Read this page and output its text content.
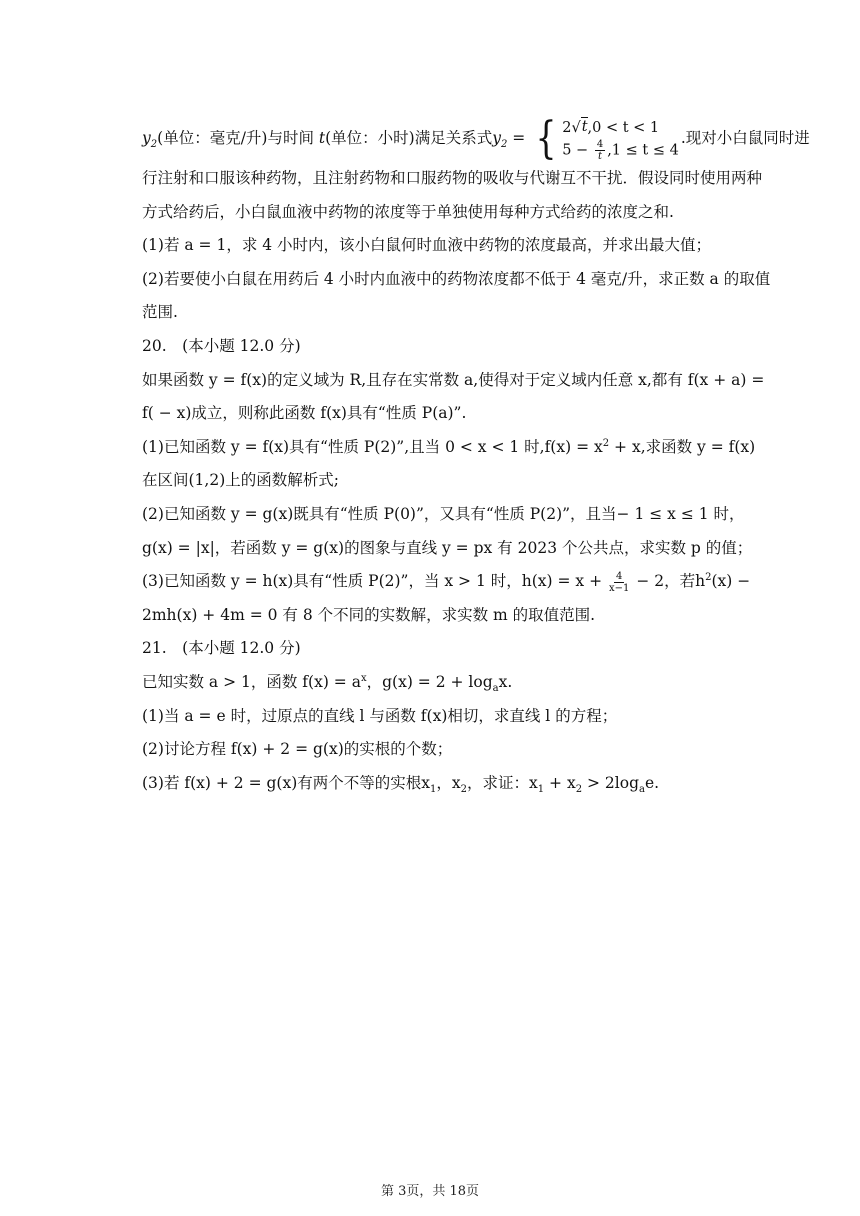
$y_2$(单位：毫克/升)与时间 t(单位：小时)满足关系式$y_2$ = { 2√ t ,0 < t < 1
$5 - \frac{4}{t} ,1 \le t \le 4$
.现对小白鼠同时进
行注射和口服该种药物，且注射药物和口服药物的吸收与代谢互不干扰．假设同时使用两种
方式给药后，小白鼠血液中药物的浓度等于单独使用每种方式给药的浓度之和.
(1)若 a = 1，求 4 小时内，该小白鼠何时血液中药物的浓度最高，并求出最大值；
(2)若要使小白鼠在用药后 4 小时内血液中的药物浓度都不低于 4 毫克/升，求正数 a 的取值
范围.
20.　(本小题 12.0 分)
如果函数 y = f(x)的定义域为 R,且存在实常数 a,使得对于定义域内任意 x,都有 f(x + a) =
f( − x)成立，则称此函数 f(x)具有“性质 P(a)”.
(1)已知函数 y = f(x)具有“性质 P(2)”,且当 0 < x < 1 时$,f(x) = x^2 + x$,求函数 y = f(x)
在区间(1,2)上的函数解析式;
(2)已知函数 y = g(x)既具有“性质 P(0)”，又具有“性质 P(2)”，且当− 1 ≤ x ≤ 1 时，
g(x) = |x|，若函数 y = g(x)的图象与直线 y = px 有 2023 个公共点，求实数 p 的值；
(3)已知函数 y = h(x)具有“性质 P(2)”，当 x > 1 时，$h(x) = x + \frac{4}{x-1} - 2$，若$h^2(x)$ −
2mh(x) + 4m = 0 有 8 个不同的实数解，求实数 m 的取值范围.
21.　(本小题 12.0 分)
已知实数 a > 1，函数 $f(x) = a^x$，$g(x) = 2 + \log_ax$.
(1)当 a = e 时，过原点的直线 l 与函数 f(x)相切，求直线 l 的方程；
(2)讨论方程 f(x) + 2 = g(x)的实根的个数；
(3)若 f(x) + 2 = g(x)有两个不等的实根$x_1$，$x_2$，求证：$x_1 + x_2 > 2\log_ae$.
第 3页，共 18页
